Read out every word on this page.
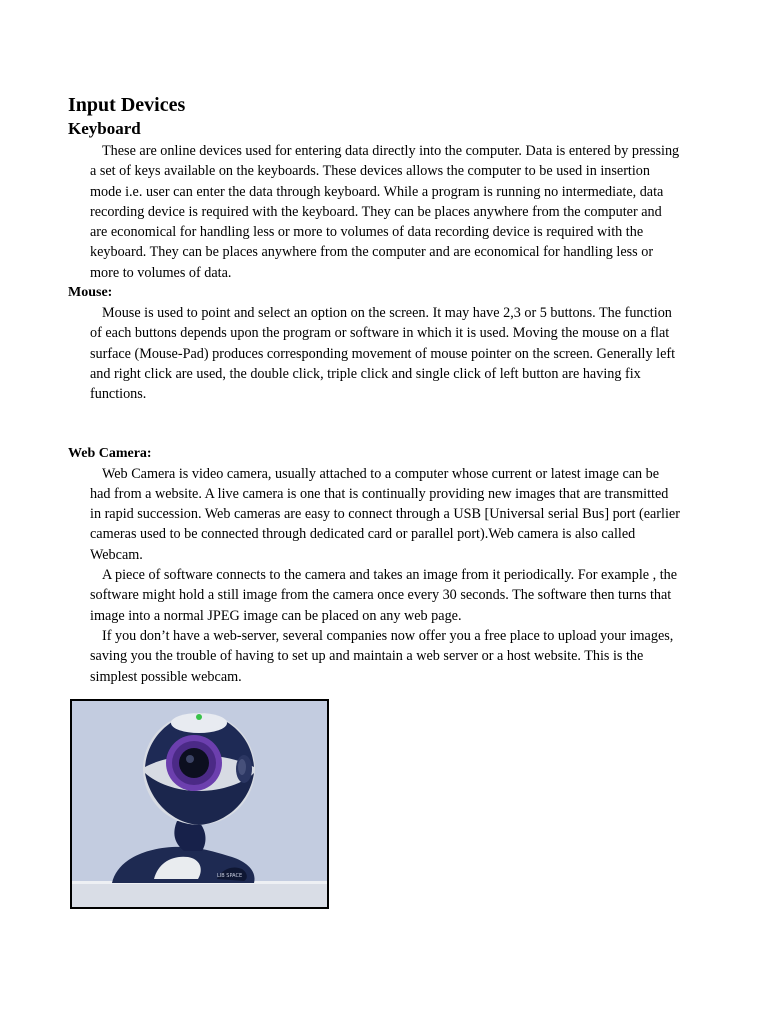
Input Devices
Keyboard

These are online devices used for entering data directly into the computer. Data is entered by pressing a set of keys available on the keyboards. These devices allows the computer to be used in insertion mode i.e. user can enter the data through keyboard. While a program is running no intermediate, data recording device is required with the keyboard. They can be places anywhere from the computer and are economical for handling less or more to volumes of data recording device is required with the keyboard. They can be places anywhere from the computer and are economical for handling less or more to volumes of data.

Mouse:

Mouse is used to point and select an option on the screen. It may have 2,3 or 5 buttons. The function of each buttons depends upon the program or software in which it is used. Moving the mouse on a flat surface (Mouse-Pad) produces corresponding movement of mouse pointer on the screen. Generally left and right click are used, the double click, triple click and single click of left button are having fix functions.

Web Camera:

Web Camera is video camera, usually attached to a computer whose current or latest image can be had from a website. A live camera is one that is continually providing new images that are transmitted in rapid succession. Web cameras are easy to connect through a USB [Universal serial Bus] port (earlier cameras used to be connected through dedicated card or parallel port).Web camera is also called Webcam.

A piece of software connects to the camera and takes an image from it periodically. For example , the software might hold a still image from the camera once every 30 seconds. The software then turns that image into a normal JPEG image can be placed on any web page.

If you don’t have a web-server, several companies now offer you a free place to upload your images, saving you the trouble of having to set up and maintain a web server or a host website. This is the simplest possible webcam.

LIB SPACE
